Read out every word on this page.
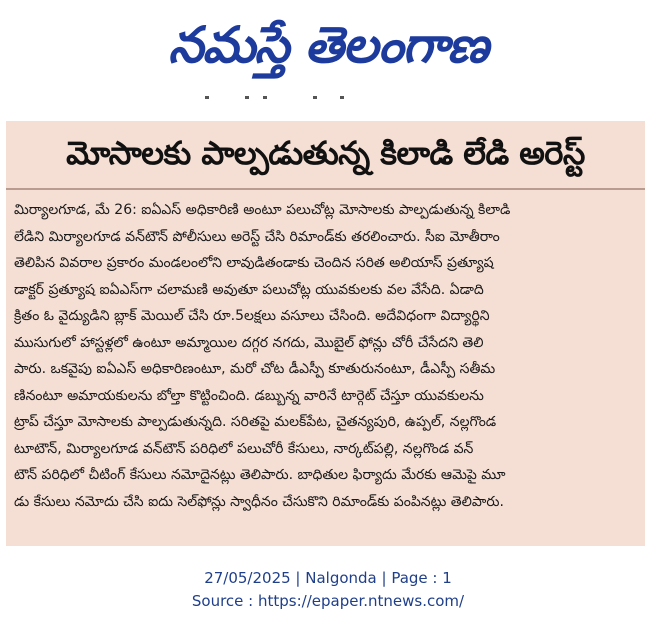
నమస్తే తెలంగాణ
మోసాలకు పాల్పడుతున్న కిలాడి లేడి అరెస్ట్
మిర్యాలగూడ, మే 26: ఐఏఎస్ అధికారిణి అంటూ పలుచోట్ల మోసాలకు పాల్పడుతున్న కిలాడి
లేడిని మిర్యాలగూడ వన్‌టౌన్ పోలీసులు అరెస్ట్ చేసి రిమాండ్‌కు తరలించారు. సీఐ మోతీరాం
తెలిపిన వివరాల ప్రకారం మండలంలోని లావుడితండాకు చెందిన సరిత అలియాస్ ప్రత్యూష
డాక్టర్ ప్రత్యూష ఐఏఎస్‌గా చలామణి అవుతూ పలుచోట్ల యువకులకు వల వేసేది. ఏడాది
క్రితం ఓ వైద్యుడిని బ్లాక్ మెయిల్ చేసి రూ.5లక్షలు వసూలు చేసింది. అదేవిధంగా విద్యార్థిని
ముసుగులో హాస్టళ్లలో ఉంటూ అమ్మాయిల దగ్గర నగదు, మొబైల్ ఫోన్లు చోరీ చేసేదని తెలి
పారు. ఒకవైపు ఐఏఎస్ అధికారిణంటూ, మరో చోట డీఎస్పీ కూతురునంటూ, డీఎస్పీ సతీమ
ణినంటూ అమాయకులను బోల్తా కొట్టించింది. డబ్బున్న వారినే టార్గెట్ చేస్తూ యువకులను
ట్రాప్ చేస్తూ మోసాలకు పాల్పడుతున్నది. సరితపై మలక్‌పేట, చైతన్యపురి, ఉప్పల్, నల్లగొండ
టూటౌన్, మిర్యాలగూడ వన్‌టౌన్ పరిధిలో పలుచోరీ కేసులు, నార్కట్‌పల్లి, నల్లగొండ వన్
టౌన్ పరిధిలో చీటింగ్ కేసులు నమోదైనట్లు తెలిపారు. బాధితుల ఫిర్యాదు మేరకు ఆమెపై మూ
డు కేసులు నమోదు చేసి ఐదు సెల్‌ఫోన్లు స్వాధీనం చేసుకొని రిమాండ్‌కు పంపినట్లు తెలిపారు.
27/05/2025 | Nalgonda | Page : 1
Source : https://epaper.ntnews.com/
